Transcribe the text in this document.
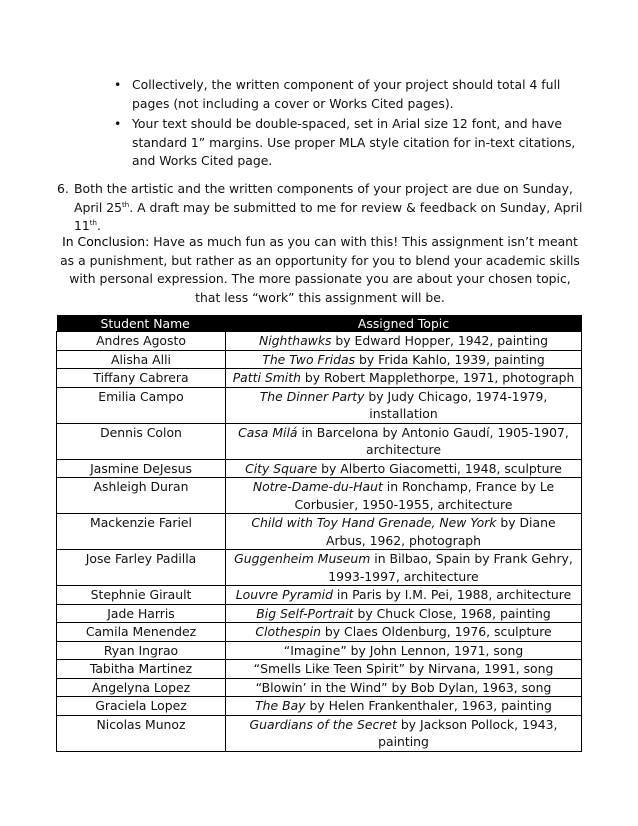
• Collectively, the written component of your project should total 4 full pages (not including a cover or Works Cited pages).
• Your text should be double-spaced, set in Arial size 12 font, and have standard 1” margins. Use proper MLA style citation for in-text citations, and Works Cited page.
6. Both the artistic and the written components of your project are due on Sunday, April 25th. A draft may be submitted to me for review & feedback on Sunday, April 11th.
In Conclusion: Have as much fun as you can with this! This assignment isn’t meant as a punishment, but rather as an opportunity for you to blend your academic skills with personal expression. The more passionate you are about your chosen topic, that less “work” this assignment will be.
Student Name	Assigned Topic
Andres Agosto	Nighthawks by Edward Hopper, 1942, painting
Alisha Alli	The Two Fridas by Frida Kahlo, 1939, painting
Tiffany Cabrera	Patti Smith by Robert Mapplethorpe, 1971, photograph
Emilia Campo	The Dinner Party by Judy Chicago, 1974-1979, installation
Dennis Colon	Casa Milá in Barcelona by Antonio Gaudí, 1905-1907, architecture
Jasmine DeJesus	City Square by Alberto Giacometti, 1948, sculpture
Ashleigh Duran	Notre-Dame-du-Haut in Ronchamp, France by Le Corbusier, 1950-1955, architecture
Mackenzie Fariel	Child with Toy Hand Grenade, New York by Diane Arbus, 1962, photograph
Jose Farley Padilla	Guggenheim Museum in Bilbao, Spain by Frank Gehry, 1993-1997, architecture
Stephnie Girault	Louvre Pyramid in Paris by I.M. Pei, 1988, architecture
Jade Harris	Big Self-Portrait by Chuck Close, 1968, painting
Camila Menendez	Clothespin by Claes Oldenburg, 1976, sculpture
Ryan Ingrao	“Imagine” by John Lennon, 1971, song
Tabitha Martinez	“Smells Like Teen Spirit” by Nirvana, 1991, song
Angelyna Lopez	“Blowin’ in the Wind” by Bob Dylan, 1963, song
Graciela Lopez	The Bay by Helen Frankenthaler, 1963, painting
Nicolas Munoz	Guardians of the Secret by Jackson Pollock, 1943, painting
